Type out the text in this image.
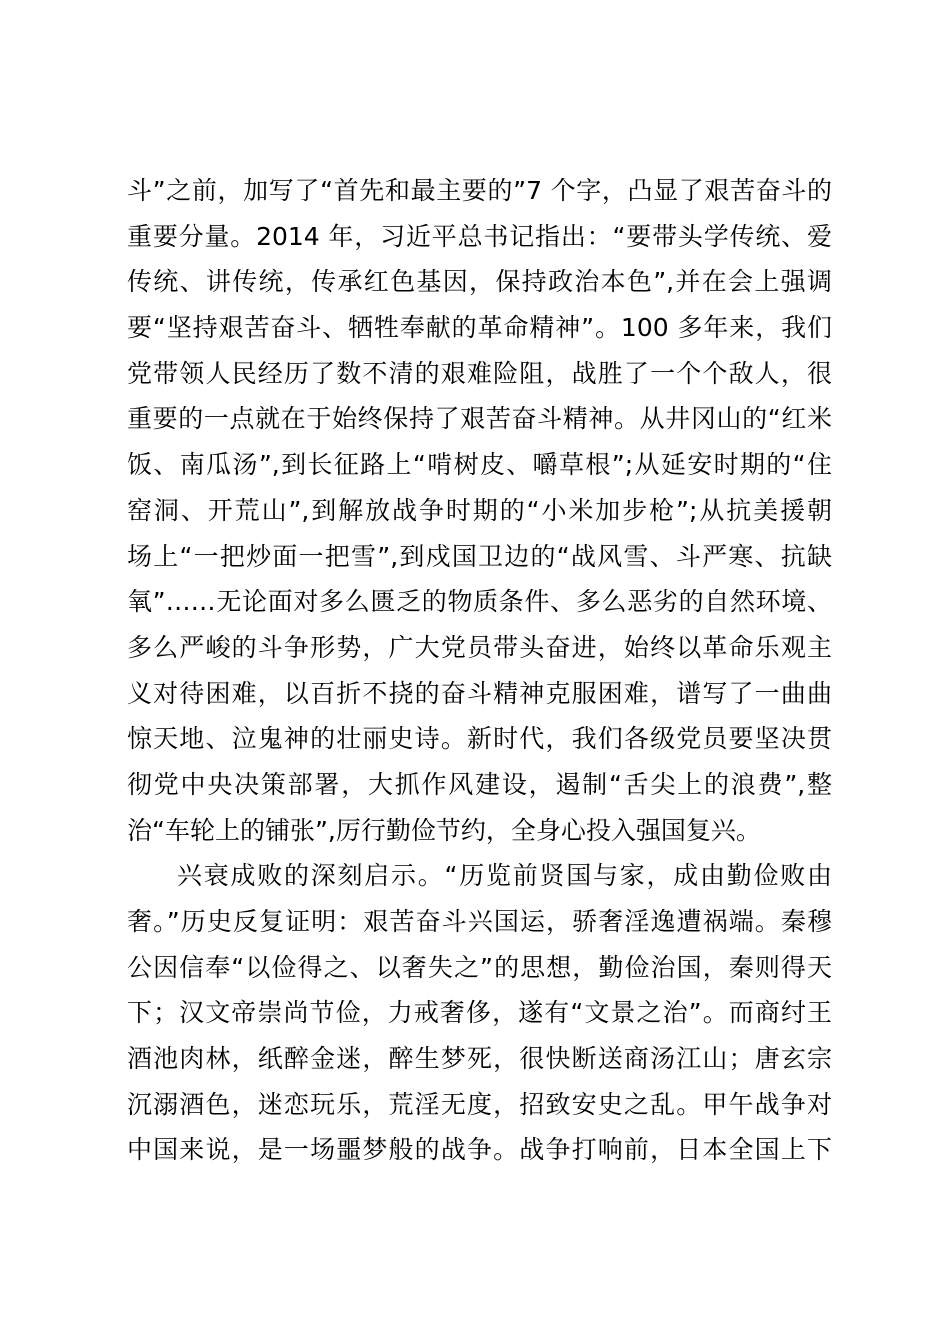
斗”之前，加写了“首先和最主要的”7 个字，凸显了艰苦奋斗的
重要分量。2014 年，习近平总书记指出：“要带头学传统、爱
传统、讲传统，传承红色基因，保持政治本色”,并在会上强调
要“坚持艰苦奋斗、牺牲奉献的革命精神”。100 多年来，我们
党带领人民经历了数不清的艰难险阻，战胜了一个个敌人，很
重要的一点就在于始终保持了艰苦奋斗精神。从井冈山的“红米
饭、南瓜汤”,到长征路上“啃树皮、嚼草根”;从延安时期的“住
窑洞、开荒山”,到解放战争时期的“小米加步枪”;从抗美援朝
场上“一把炒面一把雪”,到戍国卫边的“战风雪、斗严寒、抗缺
氧”……无论面对多么匮乏的物质条件、多么恶劣的自然环境、
多么严峻的斗争形势，广大党员带头奋进，始终以革命乐观主
义对待困难，以百折不挠的奋斗精神克服困难，谱写了一曲曲
惊天地、泣鬼神的壮丽史诗。新时代，我们各级党员要坚决贯
彻党中央决策部署，大抓作风建设，遏制“舌尖上的浪费”,整
治“车轮上的铺张”,厉行勤俭节约，全身心投入强国复兴。
兴衰成败的深刻启示。“历览前贤国与家，成由勤俭败由
奢。”历史反复证明：艰苦奋斗兴国运，骄奢淫逸遭祸端。秦穆
公因信奉“以俭得之、以奢失之”的思想，勤俭治国，秦则得天
下；汉文帝崇尚节俭，力戒奢侈，遂有“文景之治”。而商纣王
酒池肉林，纸醉金迷，醉生梦死，很快断送商汤江山；唐玄宗
沉溺酒色，迷恋玩乐，荒淫无度，招致安史之乱。甲午战争对
中国来说，是一场噩梦般的战争。战争打响前，日本全国上下
